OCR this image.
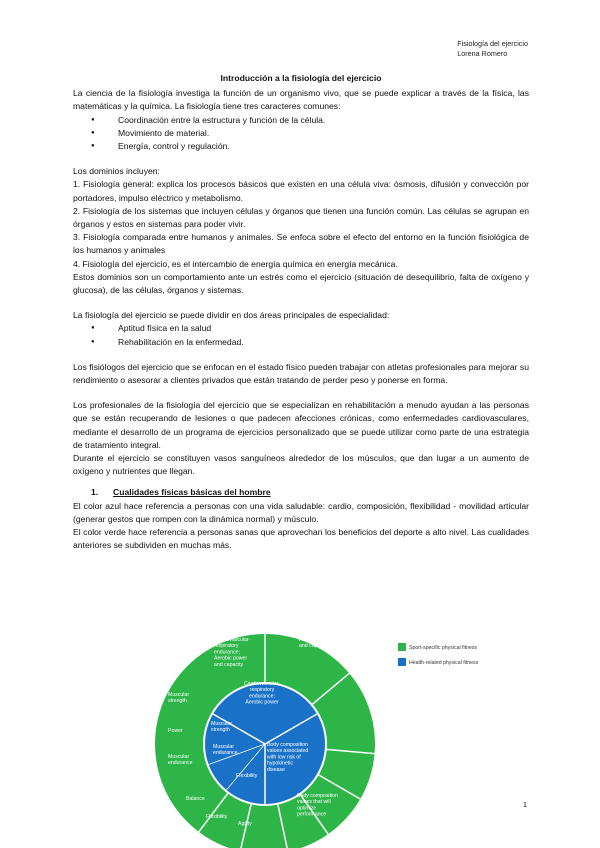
Fisiología del ejercicio
Lorena Romero
Introducción a la fisiología del ejercicio

La ciencia de la fisiología investiga la función de un organismo vivo, que se puede explicar a través de la física, las matemáticas y la química. La fisiología tiene tres caracteres comunes:

● Coordinación entre la estructura y función de la célula.
● Movimiento de material.
● Energía, control y regulación.

Los dominios incluyen:

1. Fisiología general: explica los procesos básicos que existen en una célula viva: ósmosis, difusión y convección por portadores, impulso eléctrico y metabolismo.

2. Fisiología de los sistemas que incluyen células y órganos que tienen una función común. Las células se agrupan en órganos y estos en sistemas para poder vivir.

3. Fisiología comparada entre humanos y animales. Se enfoca sobre el efecto del entorno en la función fisiológica de los humanos y animales

4. Fisiología del ejercicio, es el intercambio de energía química en energía mecánica.

Estos dominios son un comportamiento ante un estrés como el ejercicio (situación de desequilibrio, falta de oxígeno y glucosa), de las células, órganos y sistemas.

La fisiología del ejercicio se puede dividir en dos áreas principales de especialidad:

● Aptitud física en la salud
● Rehabilitación en la enfermedad.

Los fisiólogos del ejercicio que se enfocan en el estado físico pueden trabajar con atletas profesionales para mejorar su rendimiento o asesorar a clientes privados que están tratando de perder peso y ponerse en forma.

Los profesionales de la fisiología del ejercicio que se especializan en rehabilitación a menudo ayudan a las personas que se están recuperando de lesiones o que padecen afecciones crónicas, como enfermedades cardiovasculares, mediante el desarrollo de un programa de ejercicios personalizado que se puede utilizar como parte de una estrategia de tratamiento integral.

Durante el ejercicio se constituyen vasos sanguíneos alrededor de los músculos, que dan lugar a un aumento de oxígeno y nutrientes que llegan.

1. Cualidades físicas básicas del hombre

El color azul hace referencia a personas con una vida saludable: cardio, composición, flexibilidad - movilidad articular (generar gestos que rompen con la dinámica normal) y músculo.

El color verde hace referencia a personas sanas que aprovechan los beneficios del deporte a alto nivel. Las cualidades anteriores se subdividen en muchas más.

Cardiovascular-respiratory endurance; Aerobic power and capacity
Anaerobic power and capacity
Muscular strength
Power
Muscular endurance
Balance
Flexibility
Agility
Body composition values that will optimize performance
Cardiovascular-respiratory endurance; Aerobic power
Muscular strength
Muscular endurance
Flexibility
Body composition values associated with low risk of hypokinetic disease
Sport-specific physical fitness
Health-related physical fitness
1
